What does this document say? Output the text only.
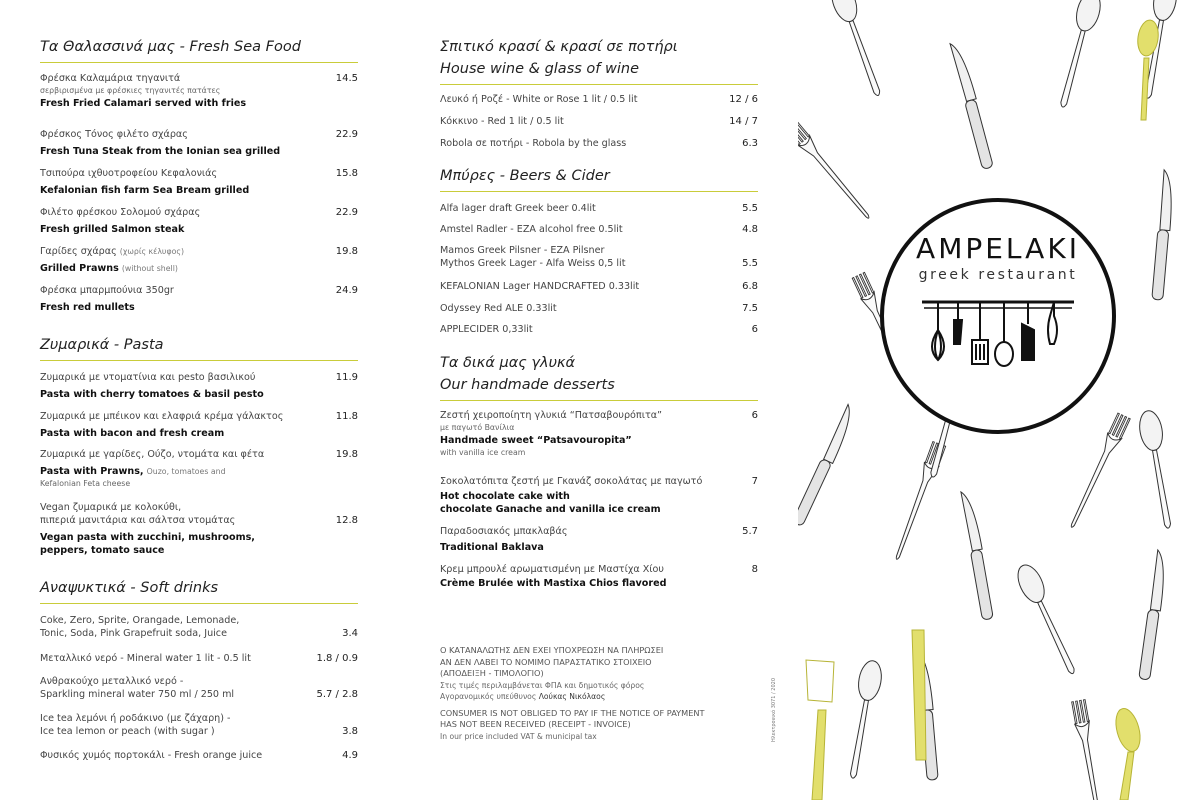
Τα Θαλασσινά μας - Fresh Sea Food
Φρέσκα Καλαμάρια τηγανιτά	14.5
σερβιρισμένα με φρέσκιες τηγανιτές πατάτες
Fresh Fried Calamari served with fries
Φρέσκος Τόνος φιλέτο σχάρας	22.9
Fresh Tuna Steak from the Ionian sea grilled
Τσιπούρα ιχθυοτροφείου Κεφαλονιάς	15.8
Kefalonian fish farm Sea Bream grilled
Φιλέτο φρέσκου Σολομού σχάρας	22.9
Fresh grilled Salmon steak
Γαρίδες σχάρας (χωρίς κέλυφος)	19.8
Grilled Prawns (without shell)
Φρέσκα μπαρμπούνια 350gr	24.9
Fresh red mullets
Ζυμαρικά - Pasta
Ζυμαρικά με ντοματίνια και pesto βασιλικού	11.9
Pasta with cherry tomatoes & basil pesto
Ζυμαρικά με μπέικον και ελαφριά κρέμα γάλακτος	11.8
Pasta with bacon and fresh cream
Ζυμαρικά με γαρίδες, Ούζο, ντομάτα και φέτα	19.8
Pasta with Prawns, Ouzo, tomatoes and
Kefalonian Feta cheese
Vegan ζυμαρικά με κολοκύθι,
πιπεριά μανιτάρια και σάλτσα ντομάτας	12.8
Vegan pasta with zucchini, mushrooms,
peppers, tomato sauce
Αναψυκτικά - Soft drinks
Coke, Zero, Sprite, Orangade, Lemonade,
Tonic, Soda, Pink Grapefruit soda, Juice	3.4
Μεταλλικό νερό - Mineral water 1 lit - 0.5 lit	1.8 / 0.9
Ανθρακούχο μεταλλικό νερό -
Sparkling mineral water 750 ml / 250 ml	5.7 / 2.8
Ice tea λεμόνι ή ροδάκινο (με ζάχαρη) -
Ice tea lemon or peach (with sugar )	3.8
Φυσικός χυμός πορτοκάλι - Fresh orange juice	4.9
Σπιτικό κρασί & κρασί σε ποτήρι
House wine & glass of wine
Λευκό ή Ροζέ - White or Rose 1 lit / 0.5 lit	12 / 6
Κόκκινο - Red 1 lit / 0.5 lit	14 / 7
Robola σε ποτήρι - Robola by the glass	6.3
Μπύρες - Beers & Cider
Alfa lager draft Greek beer 0.4lit	5.5
Amstel Radler - EZA alcohol free 0.5lit	4.8
Mamos Greek Pilsner - EZA Pilsner
Mythos Greek Lager - Alfa Weiss 0,5 lit	5.5
KEFALONIAN Lager HANDCRAFTED 0.33lit	6.8
Odyssey Red ALE 0.33lit	7.5
APPLECIDER 0,33lit	6
Τα δικά μας γλυκά
Our handmade desserts
Ζεστή χειροποίητη γλυκιά “Πατσαβουρόπιτα”	6
με παγωτό Βανίλια
Handmade sweet “Patsavouropita”
with vanilla ice cream
Σοκολατόπιτα ζεστή με Γκανάζ σοκολάτας με παγωτό	7
Hot chocolate cake with
chocolate Ganache and vanilla ice cream
Παραδοσιακός μπακλαβάς	5.7
Traditional Baklava
Κρεμ μπρουλέ αρωματισμένη με Μαστίχα Χίου	8
Crème Brulée with Mastixa Chios flavored
Ο ΚΑΤΑΝΑΛΩΤΗΣ ΔΕΝ ΕΧΕΙ ΥΠΟΧΡΕΩΣΗ ΝΑ ΠΛΗΡΩΣΕΙ
ΑΝ ΔΕΝ ΛΑΒΕΙ ΤΟ ΝΟΜΙΜΟ ΠΑΡΑΣΤΑΤΙΚΟ ΣΤΟΙΧΕΙΟ
(ΑΠΟΔΕΙΞΗ - ΤΙΜΟΛΟΓΙΟ)
Στις τιμές περιλαμβάνεται ΦΠΑ και δημοτικός φόρος
Αγορανομικός υπεύθυνος Λούκας Νικόλαος
CONSUMER IS NOT OBLIGED TO PAY IF THE NOTICE OF PAYMENT
HAS NOT BEEN RECEIVED (RECEIPT - INVOICE)
In our price included VAT & municipal tax	Ηλεκτρονικό 3071 / 2020
AMPELAKI
greek restaurant
